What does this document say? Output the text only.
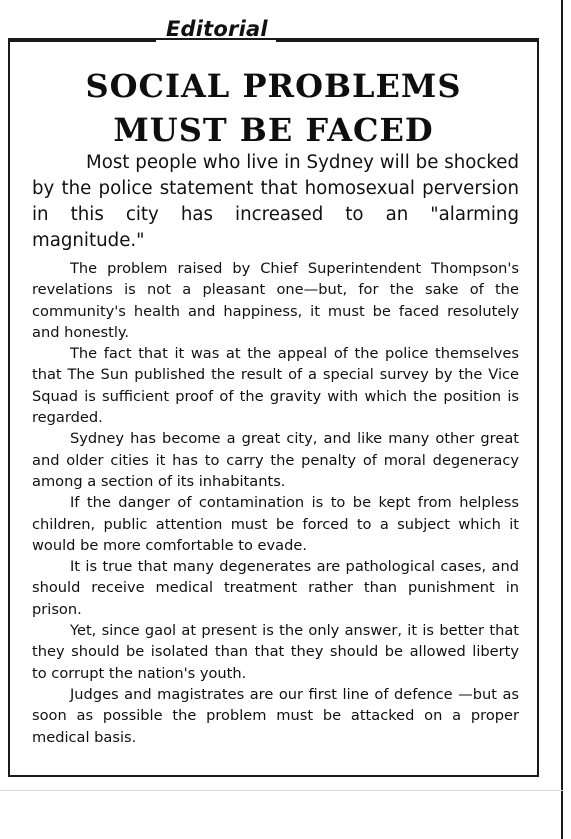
Editorial
SOCIAL PROBLEMS
MUST BE FACED

Most people who live in Sydney will be shocked by the police statement that homosexual perversion in this city has increased to an "alarming magnitude."

The problem raised by Chief Superintendent Thompson's revelations is not a pleasant one—but, for the sake of the community's health and happiness, it must be faced resolutely and honestly.

The fact that it was at the appeal of the police themselves that The Sun published the result of a special survey by the Vice Squad is sufficient proof of the gravity with which the position is regarded.

Sydney has become a great city, and like many other great and older cities it has to carry the penalty of moral degeneracy among a section of its inhabitants.

If the danger of contamination is to be kept from helpless children, public attention must be forced to a subject which it would be more comfortable to evade.

It is true that many degenerates are pathological cases, and should receive medical treatment rather than punishment in prison.

Yet, since gaol at present is the only answer, it is better that they should be isolated than that they should be allowed liberty to corrupt the nation's youth.

Judges and magistrates are our first line of defence —but as soon as possible the problem must be attacked on a proper medical basis.
